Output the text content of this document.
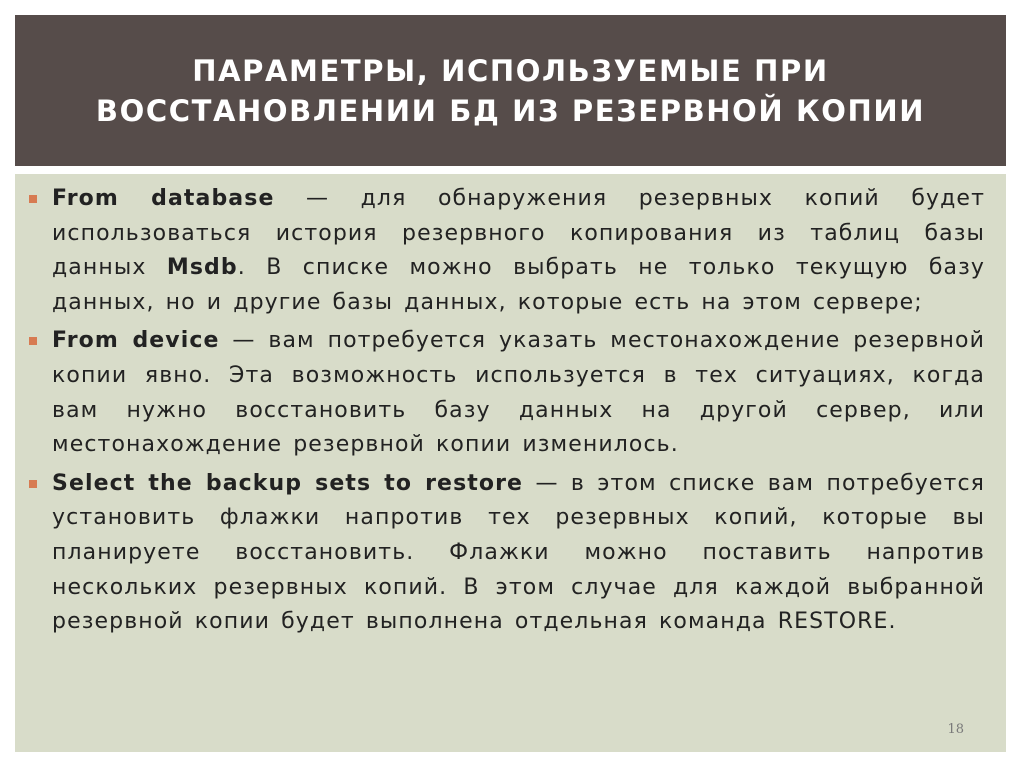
ПАРАМЕТРЫ, ИСПОЛЬЗУЕМЫЕ ПРИ
ВОССТАНОВЛЕНИИ БД ИЗ РЕЗЕРВНОЙ КОПИИ
From database — для обнаружения резервных копий будет использоваться история резервного копирования из таблиц базы данных Msdb. В списке можно выбрать не только текущую базу данных, но и другие базы данных, которые есть на этом сервере;
From device — вам потребуется указать местонахождение резервной копии явно. Эта возможность используется в тех ситуациях, когда вам нужно восстановить базу данных на другой сервер, или местонахождение резервной копии изменилось.
Select the backup sets to restore — в этом списке вам потребуется установить флажки напротив тех резервных копий, которые вы планируете восстановить. Флажки можно поставить напротив нескольких резервных копий. В этом случае для каждой выбранной резервной копии будет выполнена отдельная команда RESTORE.
18
